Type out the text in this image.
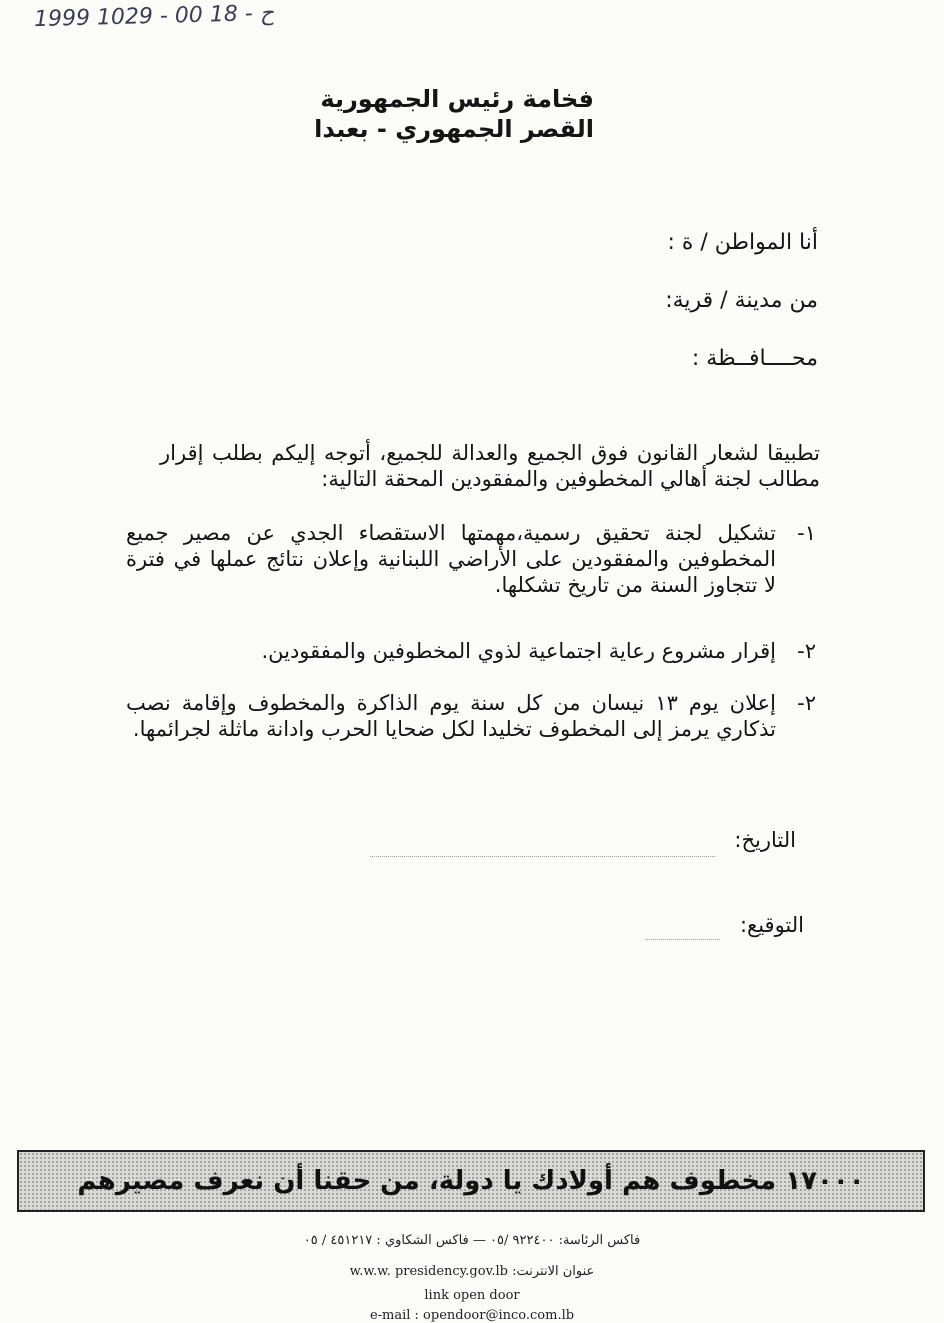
1999 1029 - 00 18 - ح
فخامة رئيس الجمهورية
القصر الجمهوري - بعبدا
أنا المواطن / ة :
من مدينة / قرية:
محــــافــظة :
تطبيقا لشعار القانون فوق الجميع والعدالة للجميع، أتوجه إليكم بطلب إقرار مطالب لجنة أهالي المخطوفين والمفقودين المحقة التالية:
١-
تشكيل لجنة تحقيق رسمية،مهمتها الاستقصاء الجدي عن مصير جميع المخطوفين والمفقودين على الأراضي اللبنانية وإعلان نتائج عملها في فترة لا تتجاوز السنة من تاريخ تشكلها.
٢-
إقرار مشروع رعاية اجتماعية لذوي المخطوفين والمفقودين.
٢-
إعلان يوم ١٣ نيسان من كل سنة يوم الذاكرة والمخطوف وإقامة نصب تذكاري يرمز إلى المخطوف تخليدا لكل ضحايا الحرب وادانة ماثلة لجرائمها.
التاريخ:
التوقيع:
١٧٠٠٠ مخطوف هم أولادك يا دولة، من حقنا أن نعرف مصيرهم
فاكس الرئاسة: ٩٢٢٤٠٠ /٠٥ — فاكس الشكاوي : ٤٥١٢١٧ / ٠٥
w.w.w. presidency.gov.lb عنوان الانترنت:
link open door
e-mail : opendoor@inco.com.lb
